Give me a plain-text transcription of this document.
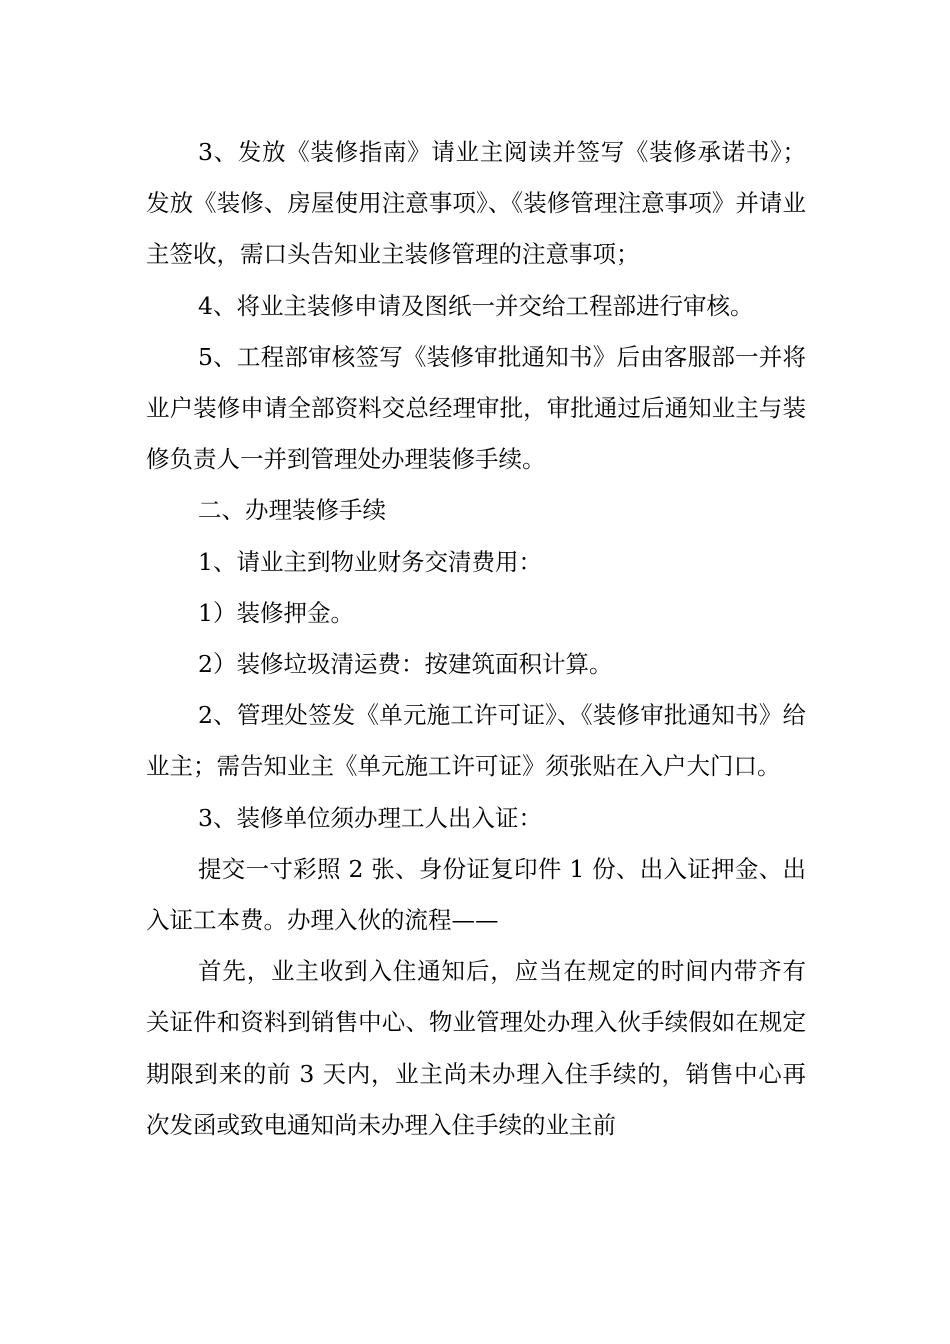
3、发放《装修指南》请业主阅读并签写《装修承诺书》；发放《装修、房屋使用注意事项》、《装修管理注意事项》并请业主签收，需口头告知业主装修管理的注意事项；

4、将业主装修申请及图纸一并交给工程部进行审核。

5、工程部审核签写《装修审批通知书》后由客服部一并将业户装修申请全部资料交总经理审批，审批通过后通知业主与装修负责人一并到管理处办理装修手续。

二、办理装修手续

1、请业主到物业财务交清费用：

1）装修押金。

2）装修垃圾清运费：按建筑面积计算。

2、管理处签发《单元施工许可证》、《装修审批通知书》给业主；需告知业主《单元施工许可证》须张贴在入户大门口。

3、装修单位须办理工人出入证：

提交一寸彩照 2 张、身份证复印件 1 份、出入证押金、出入证工本费。办理入伙的流程——

首先，业主收到入住通知后，应当在规定的时间内带齐有关证件和资料到销售中心、物业管理处办理入伙手续假如在规定期限到来的前 3 天内，业主尚未办理入住手续的，销售中心再次发函或致电通知尚未办理入住手续的业主前
